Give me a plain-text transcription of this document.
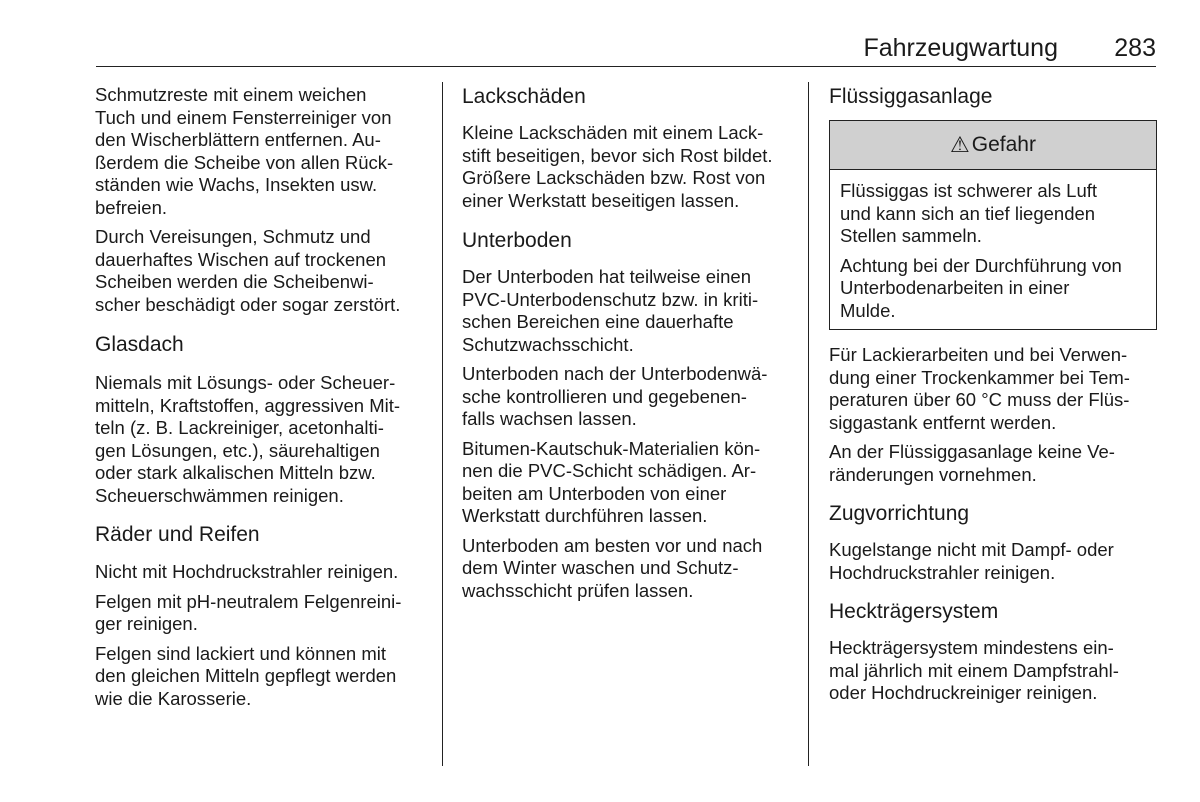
Fahrzeugwartung 283

Schmutzreste mit einem weichen
Tuch und einem Fensterreiniger von
den Wischerblättern entfernen. Au-
ßerdem die Scheibe von allen Rück-
ständen wie Wachs, Insekten usw.
befreien.

Durch Vereisungen, Schmutz und
dauerhaftes Wischen auf trockenen
Scheiben werden die Scheibenwi-
scher beschädigt oder sogar zerstört.

Glasdach

Niemals mit Lösungs- oder Scheuer-
mitteln, Kraftstoffen, aggressiven Mit-
teln (z. B. Lackreiniger, acetonhalti-
gen Lösungen, etc.), säurehaltigen
oder stark alkalischen Mitteln bzw.
Scheuerschwämmen reinigen.

Räder und Reifen

Nicht mit Hochdruckstrahler reinigen.

Felgen mit pH-neutralem Felgenreini-
ger reinigen.

Felgen sind lackiert und können mit
den gleichen Mitteln gepflegt werden
wie die Karosserie.

Lackschäden

Kleine Lackschäden mit einem Lack-
stift beseitigen, bevor sich Rost bildet.
Größere Lackschäden bzw. Rost von
einer Werkstatt beseitigen lassen.

Unterboden

Der Unterboden hat teilweise einen
PVC-Unterbodenschutz bzw. in kriti-
schen Bereichen eine dauerhafte
Schutzwachsschicht.

Unterboden nach der Unterbodenwä-
sche kontrollieren und gegebenen-
falls wachsen lassen.

Bitumen-Kautschuk-Materialien kön-
nen die PVC-Schicht schädigen. Ar-
beiten am Unterboden von einer
Werkstatt durchführen lassen.

Unterboden am besten vor und nach
dem Winter waschen und Schutz-
wachsschicht prüfen lassen.

Flüssiggasanlage
⚠ Gefahr

Flüssiggas ist schwerer als Luft
und kann sich an tief liegenden
Stellen sammeln.

Achtung bei der Durchführung von
Unterbodenarbeiten in einer
Mulde.

Für Lackierarbeiten und bei Verwen-
dung einer Trockenkammer bei Tem-
peraturen über 60 °C muss der Flüs-
siggastank entfernt werden.

An der Flüssiggasanlage keine Ve-
ränderungen vornehmen.

Zugvorrichtung

Kugelstange nicht mit Dampf- oder
Hochdruckstrahler reinigen.

Heckträgersystem

Heckträgersystem mindestens ein-
mal jährlich mit einem Dampfstrahl-
oder Hochdruckreiniger reinigen.
